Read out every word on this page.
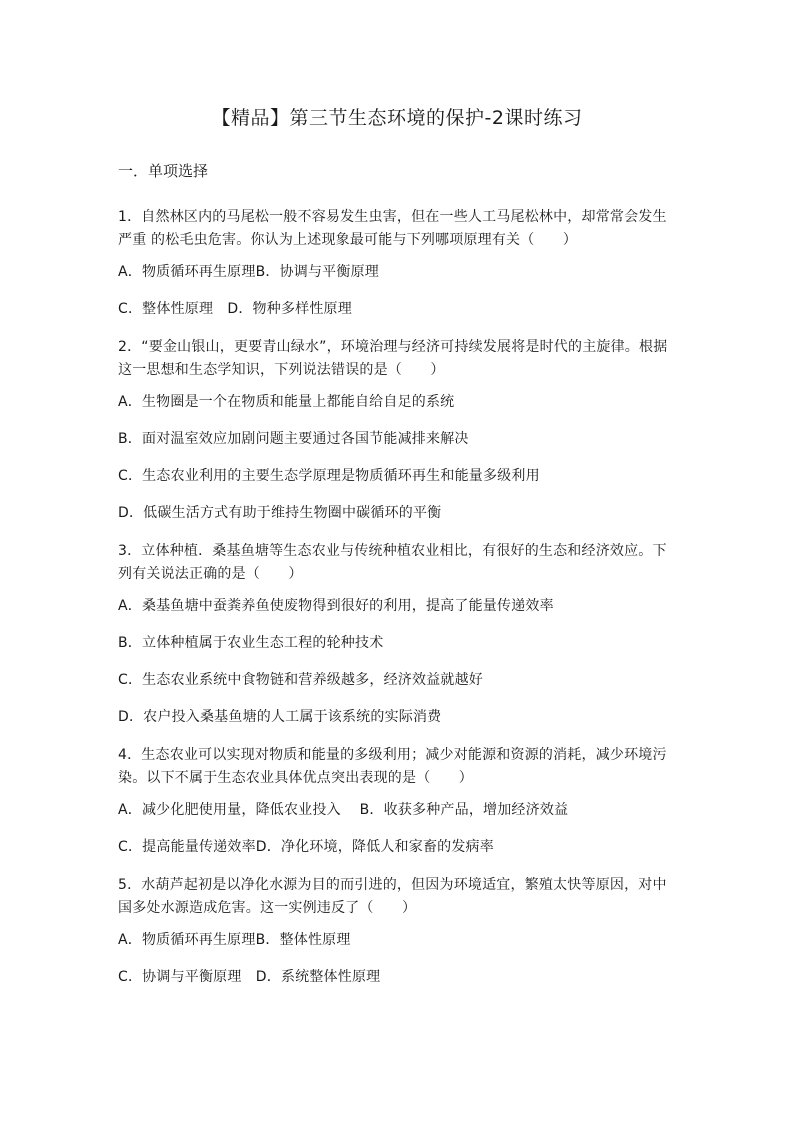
【精品】第三节生态环境的保护-2课时练习
一．单项选择
1．自然林区内的马尾松一般不容易发生虫害，但在一些人工马尾松林中，却常常会发生严重 的松毛虫危害。你认为上述现象最可能与下列哪项原理有关（　　）
A．物质循环再生原理B．协调与平衡原理
C．整体性原理　D．物种多样性原理
2．“要金山银山，更要青山绿水”，环境治理与经济可持续发展将是时代的主旋律。根据这一思想和生态学知识，下列说法错误的是（　　）
A．生物圈是一个在物质和能量上都能自给自足的系统
B．面对温室效应加剧问题主要通过各国节能减排来解决
C．生态农业利用的主要生态学原理是物质循环再生和能量多级利用
D．低碳生活方式有助于维持生物圈中碳循环的平衡
3．立体种植．桑基鱼塘等生态农业与传统种植农业相比，有很好的生态和经济效应。下列有关说法正确的是（　　）
A．桑基鱼塘中蚕粪养鱼使废物得到很好的利用，提高了能量传递效率
B．立体种植属于农业生态工程的轮种技术
C．生态农业系统中食物链和营养级越多，经济效益就越好
D．农户投入桑基鱼塘的人工属于该系统的实际消费
4．生态农业可以实现对物质和能量的多级利用；减少对能源和资源的消耗，减少环境污染。以下不属于生态农业具体优点突出表现的是（　　）
A．减少化肥使用量，降低农业投入　 B．收获多种产品，增加经济效益
C．提高能量传递效率D．净化环境，降低人和家畜的发病率
5．水葫芦起初是以净化水源为目的而引进的，但因为环境适宜，繁殖太快等原因，对中国多处水源造成危害。这一实例违反了（　　）
A．物质循环再生原理B．整体性原理
C．协调与平衡原理　D．系统整体性原理
